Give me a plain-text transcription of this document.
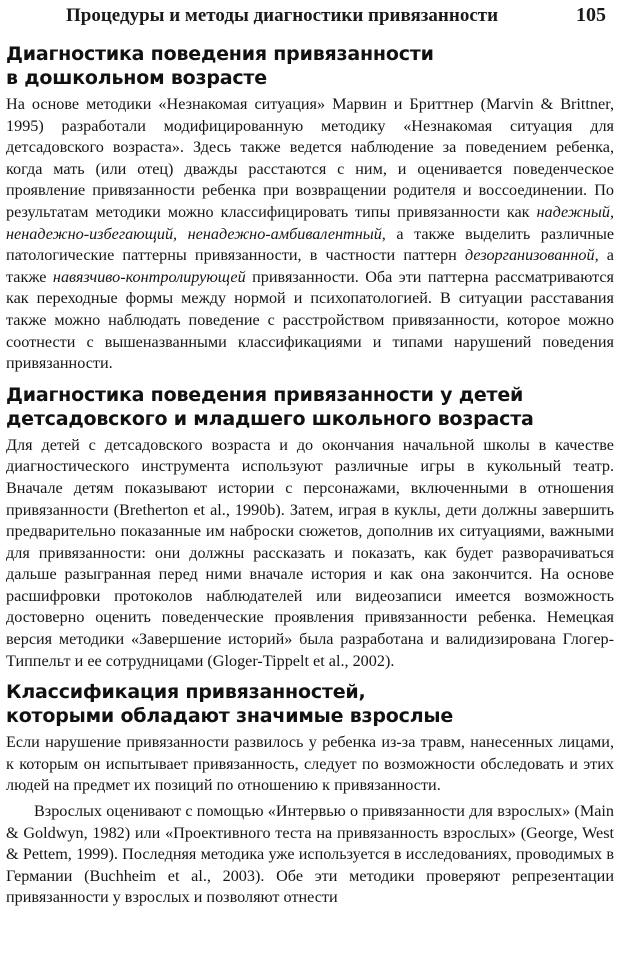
Процедуры и методы диагностики привязанности	105
Диагностика поведения привязанности
в дошкольном возрасте

На основе методики «Незнакомая ситуация» Марвин и Бриттнер (Marvin & Brittner, 1995) разработали модифицированную методику «Незнакомая ситуация для детсадовского возраста». Здесь также ведется наблюдение за поведением ребенка, когда мать (или отец) дважды расстаются с ним, и оценивается поведенческое проявление привязанности ребенка при возвращении родителя и воссоединении. По результатам методики можно классифицировать типы привязанности как надежный, ненадежно-избегающий, ненадежно-амбивалентный, а также выделить различные патологические паттерны привязанности, в частности паттерн дезорганизованной, а также навязчиво-контролирующей привязанности. Оба эти паттерна рассматриваются как переходные формы между нормой и психопатологией. В ситуации расставания также можно наблюдать поведение с расстройством привязанности, которое можно соотнести с вышеназванными классификациями и типами нарушений поведения привязанности.

Диагностика поведения привязанности у детей
детсадовского и младшего школьного возраста

Для детей с детсадовского возраста и до окончания начальной школы в качестве диагностического инструмента используют различные игры в кукольный театр. Вначале детям показывают истории с персонажами, включенными в отношения привязанности (Bretherton et al., 1990b). Затем, играя в куклы, дети должны завершить предварительно показанные им наброски сюжетов, дополнив их ситуациями, важными для привязанности: они должны рассказать и показать, как будет разворачиваться дальше разыгранная перед ними вначале история и как она закончится. На основе расшифровки протоколов наблюдателей или видеозаписи имеется возможность достоверно оценить поведенческие проявления привязанности ребенка. Немецкая версия методики «Завершение историй» была разработана и валидизирована Глогер-Типпельт и ее сотрудницами (Gloger-Tippelt et al., 2002).

Классификация привязанностей,
которыми обладают значимые взрослые

Если нарушение привязанности развилось у ребенка из-за травм, нанесенных лицами, к которым он испытывает привязанность, следует по возможности обследовать и этих людей на предмет их позиций по отношению к привязанности.

Взрослых оценивают с помощью «Интервью о привязанности для взрослых» (Main & Goldwyn, 1982) или «Проективного теста на привязанность взрослых» (George, West & Pettem, 1999). Последняя методика уже используется в исследованиях, проводимых в Германии (Buchheim et al., 2003). Обе эти методики проверяют репрезентации привязанности у взрослых и позволяют отнести
